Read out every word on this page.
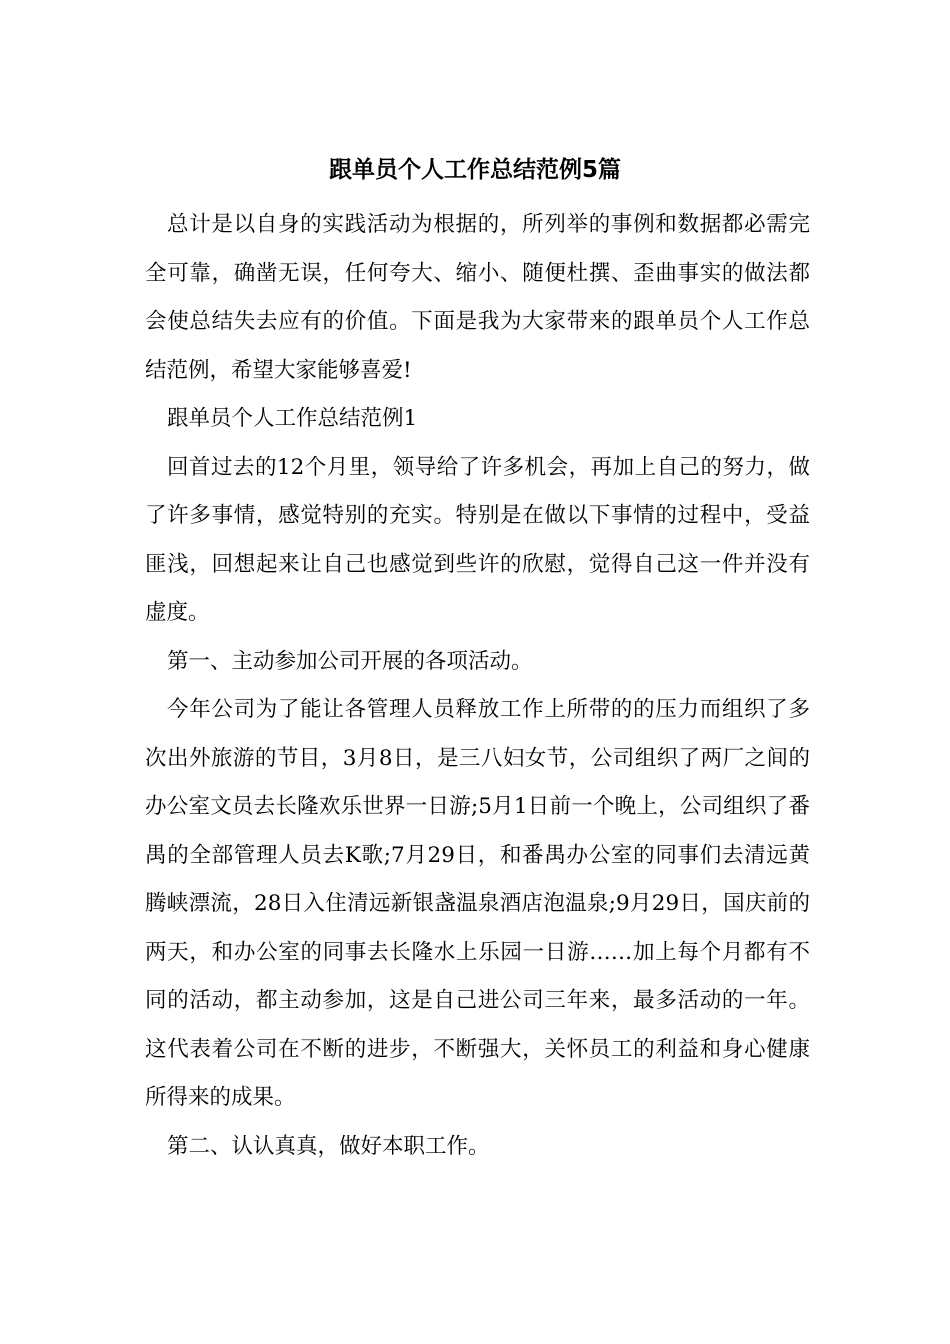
跟单员个人工作总结范例5篇

总计是以自身的实践活动为根据的，所列举的事例和数据都必需完全可靠，确凿无误，任何夸大、缩小、随便杜撰、歪曲事实的做法都会使总结失去应有的价值。下面是我为大家带来的跟单员个人工作总结范例，希望大家能够喜爱!

跟单员个人工作总结范例1

回首过去的12个月里，领导给了许多机会，再加上自己的努力，做了许多事情，感觉特别的充实。特别是在做以下事情的过程中，受益匪浅，回想起来让自己也感觉到些许的欣慰，觉得自己这一件并没有虚度。

第一、主动参加公司开展的各项活动。

今年公司为了能让各管理人员释放工作上所带的的压力而组织了多次出外旅游的节目，3月8日，是三八妇女节，公司组织了两厂之间的办公室文员去长隆欢乐世界一日游;5月1日前一个晚上，公司组织了番禺的全部管理人员去K歌;7月29日，和番禺办公室的同事们去清远黄腾峡漂流，28日入住清远新银盏温泉酒店泡温泉;9月29日，国庆前的两天，和办公室的同事去长隆水上乐园一日游……加上每个月都有不同的活动，都主动参加，这是自己进公司三年来，最多活动的一年。这代表着公司在不断的进步，不断强大，关怀员工的利益和身心健康所得来的成果。

第二、认认真真，做好本职工作。
